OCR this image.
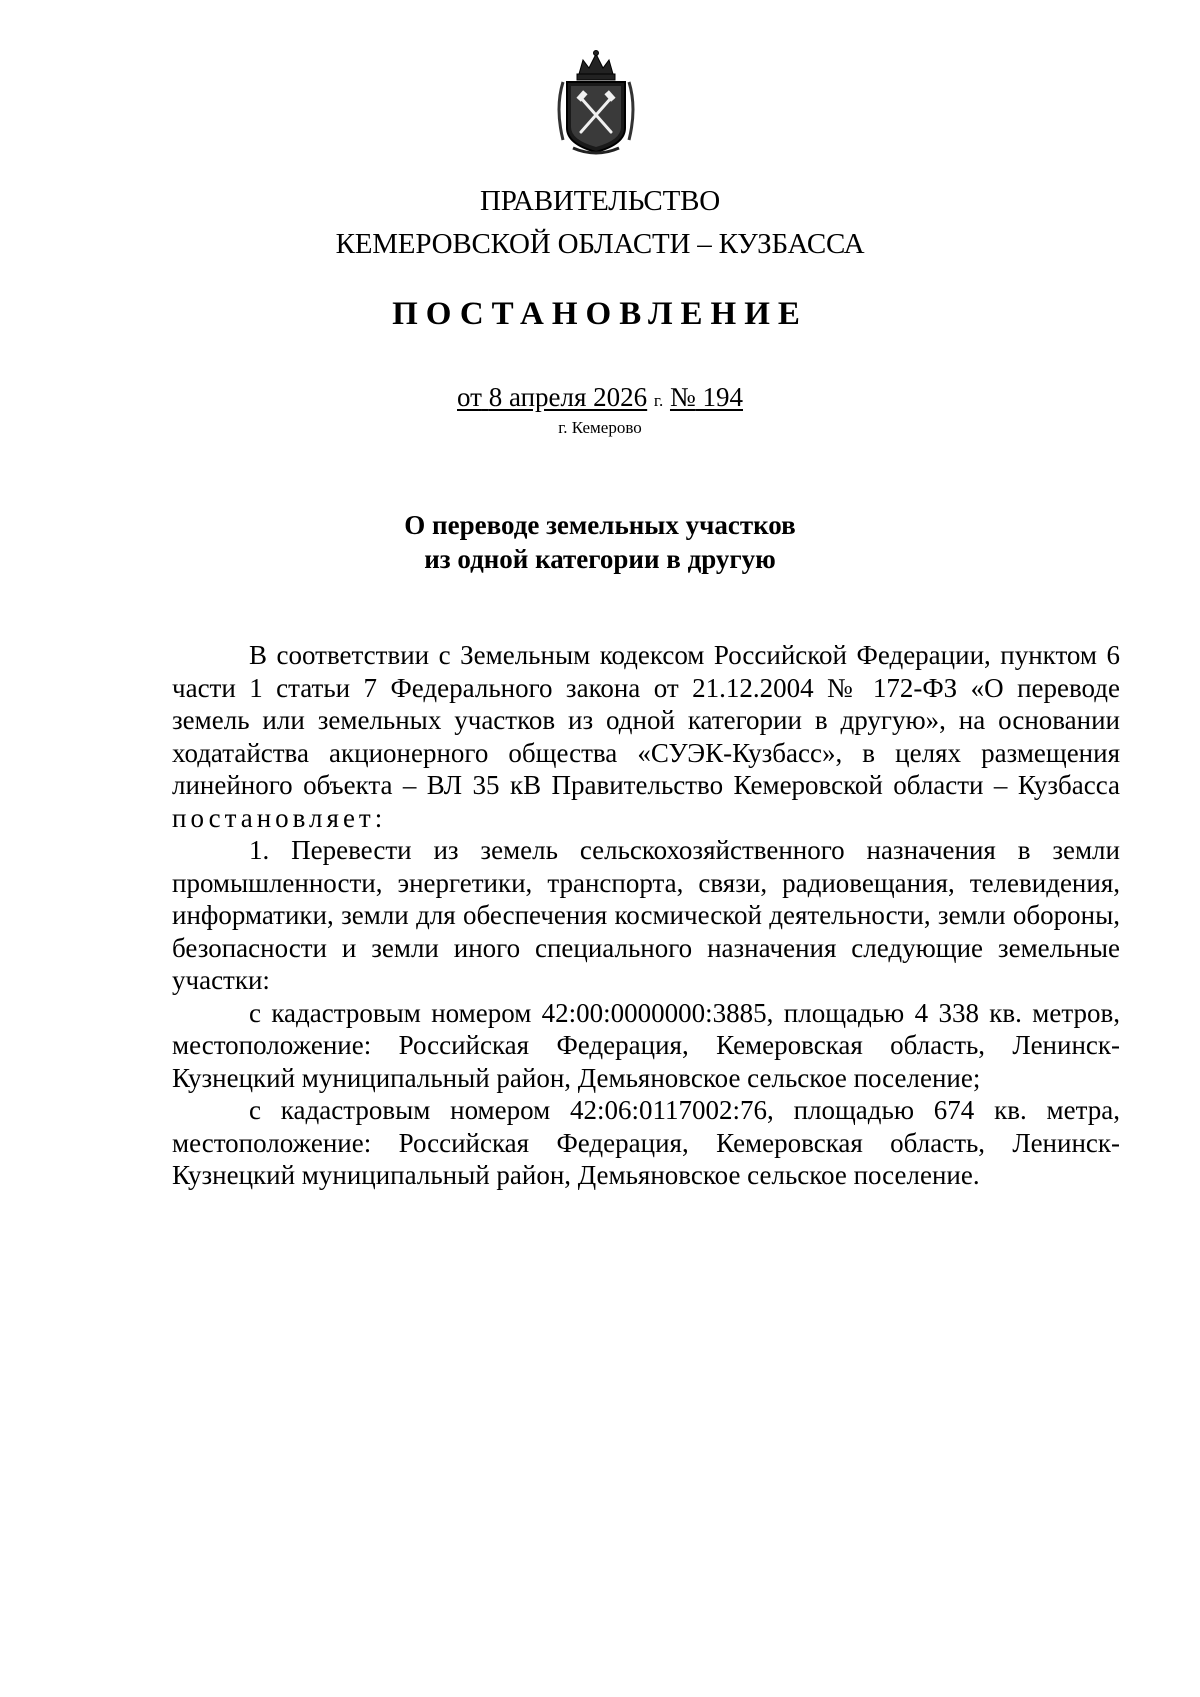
ПРАВИТЕЛЬСТВО
КЕМЕРОВСКОЙ ОБЛАСТИ – КУЗБАССА
ПОСТАНОВЛЕНИЕ
от 8 апреля 2026 г. № 194
г. Кемерово
О переводе земельных участков
из одной категории в другую

В соответствии с Земельным кодексом Российской Федерации, пунктом 6 части 1 статьи 7 Федерального закона от 21.12.2004 № 172-ФЗ «О переводе земель или земельных участков из одной категории в другую», на основании ходатайства акционерного общества «СУЭК-Кузбасс», в целях размещения линейного объекта – ВЛ 35 кВ Правительство Кемеровской области – Кузбасса постановляет:

1. Перевести из земель сельскохозяйственного назначения в земли промышленности, энергетики, транспорта, связи, радиовещания, телевидения, информатики, земли для обеспечения космической деятельности, земли обороны, безопасности и земли иного специального назначения следующие земельные участки:

с кадастровым номером 42:00:0000000:3885, площадью 4 338 кв. метров, местоположение: Российская Федерация, Кемеровская область, Ленинск-Кузнецкий муниципальный район, Демьяновское сельское поселение;

с кадастровым номером 42:06:0117002:76, площадью 674 кв. метра, местоположение: Российская Федерация, Кемеровская область, Ленинск-Кузнецкий муниципальный район, Демьяновское сельское поселение.
